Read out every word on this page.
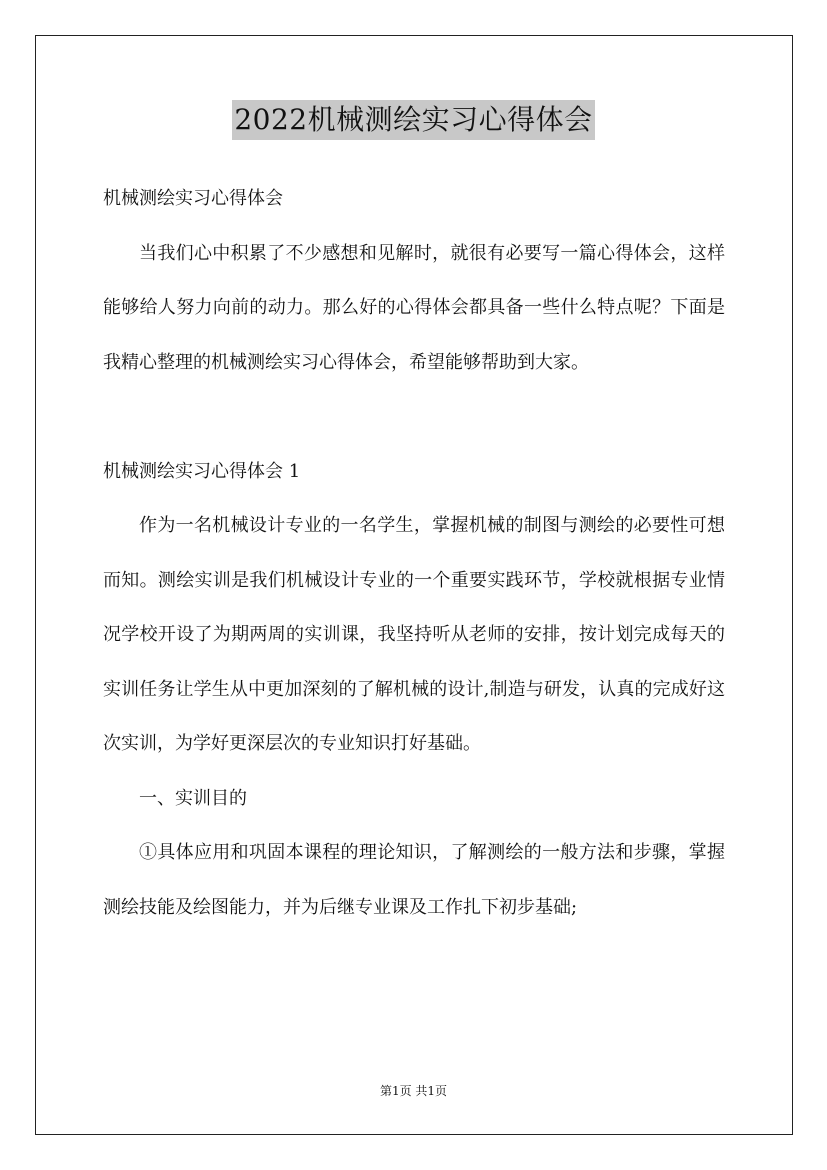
2022机械测绘实习心得体会

机械测绘实习心得体会

当我们心中积累了不少感想和见解时，就很有必要写一篇心得体会，这样能够给人努力向前的动力。那么好的心得体会都具备一些什么特点呢？下面是我精心整理的机械测绘实习心得体会，希望能够帮助到大家。

机械测绘实习心得体会 1

作为一名机械设计专业的一名学生，掌握机械的制图与测绘的必要性可想而知。测绘实训是我们机械设计专业的一个重要实践环节，学校就根据专业情况学校开设了为期两周的实训课，我坚持听从老师的安排，按计划完成每天的实训任务让学生从中更加深刻的了解机械的设计,制造与研发，认真的完成好这次实训，为学好更深层次的专业知识打好基础。

一、实训目的

①具体应用和巩固本课程的理论知识，了解测绘的一般方法和步骤，掌握测绘技能及绘图能力，并为后继专业课及工作扎下初步基础;

第1页 共1页
